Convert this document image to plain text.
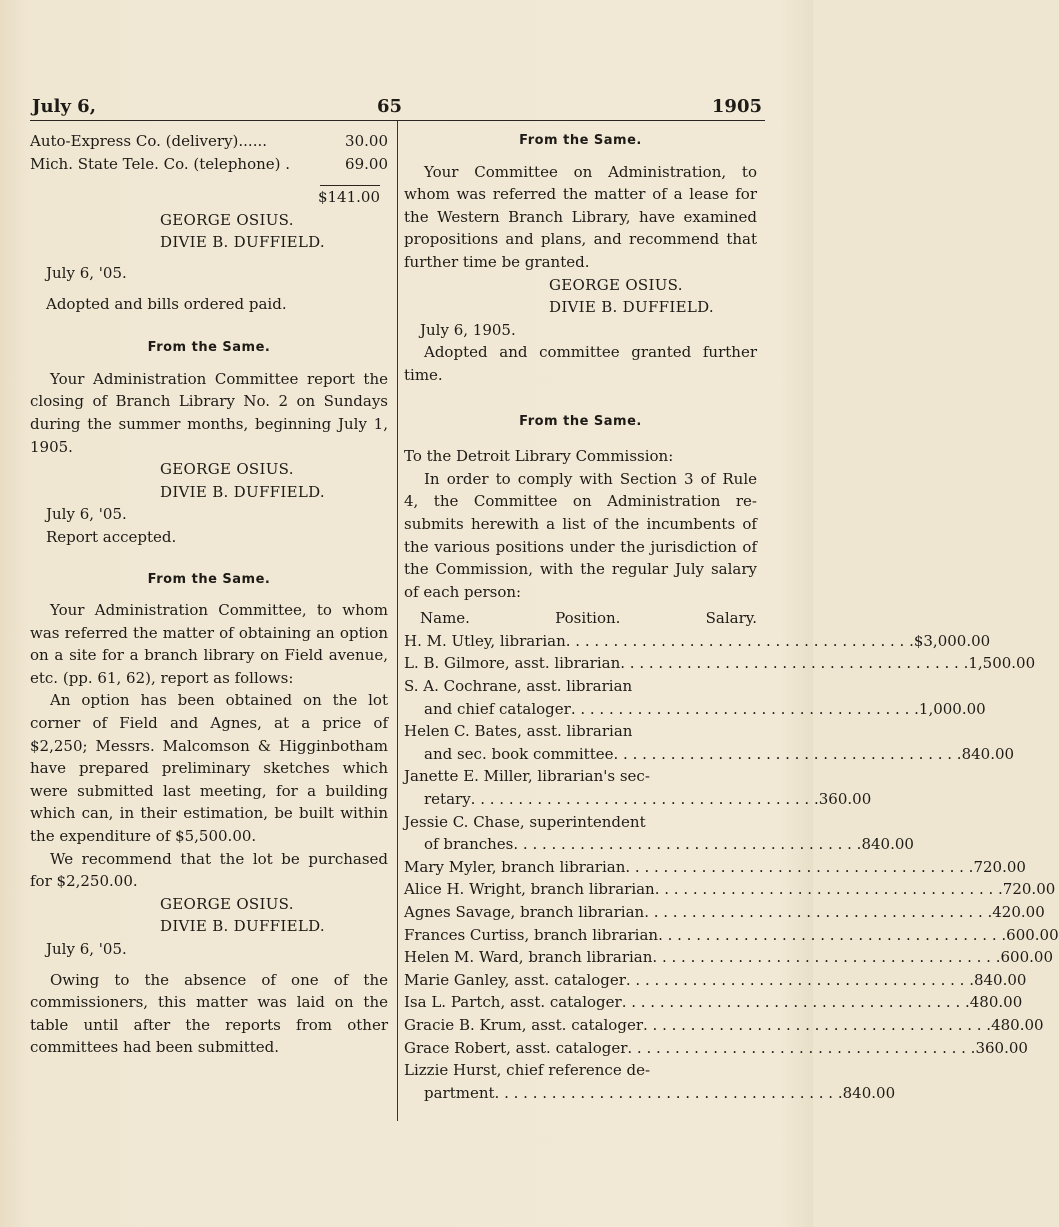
July 6,	65	1905
Auto-Express Co. (delivery)......	30.00
Mich. State Tele. Co. (telephone) .	69.00

$141.00

GEORGE OSIUS.

DIVIE B. DUFFIELD.

July 6, '05.

Adopted and bills ordered paid.

From the Same.

Your Administration Committee report the closing of Branch Library No. 2 on Sundays during the summer months, beginning July 1, 1905.

GEORGE OSIUS.

DIVIE B. DUFFIELD.

July 6, '05.

Report accepted.

From the Same.

Your Administration Committee, to whom was referred the matter of obtaining an option on a site for a branch library on Field avenue, etc. (pp. 61, 62), report as follows:

An option has been obtained on the lot corner of Field and Agnes, at a price of $2,250; Messrs. Malcomson & Higginbotham have prepared preliminary sketches which were submitted last meeting, for a building which can, in their estimation, be built within the expenditure of $5,500.00.

We recommend that the lot be purchased for $2,250.00.

GEORGE OSIUS.

DIVIE B. DUFFIELD.

July 6, '05.

Owing to the absence of one of the commissioners, this matter was laid on the table until after the reports from other committees had been submitted.

From the Same.

Your Committee on Administration, to whom was referred the matter of a lease for the Western Branch Library, have examined propositions and plans, and recommend that further time be granted.

GEORGE OSIUS.

DIVIE B. DUFFIELD.

July 6, 1905.

Adopted and committee granted further time.

From the Same.

To the Detroit Library Commission:

In order to comply with Section 3 of Rule 4, the Committee on Administration re-submits herewith a list of the incumbents of the various positions under the jurisdiction of the Commission, with the regular July salary of each person:

Name.	Position.	Salary.
H. M. Utley, librarian . . . . . . . . . . . . . . . . . . . . . . . . . . . . . . . . . . . . . $3,000.00
L. B. Gilmore, asst. librarian . . . . . . . . . . . . . . . . . . . . . . . . . . . . . . . . . . . . . 1,500.00

S. A. Cochrane, asst. librarian

and chief cataloger . . . . . . . . . . . . . . . . . . . . . . . . . . . . . . . . . . . . . 1,000.00

Helen C. Bates, asst. librarian

and sec. book committee . . . . . . . . . . . . . . . . . . . . . . . . . . . . . . . . . . . . . 840.00

Janette E. Miller, librarian's sec-

retary . . . . . . . . . . . . . . . . . . . . . . . . . . . . . . . . . . . . . 360.00

Jessie C. Chase, superintendent

of branches . . . . . . . . . . . . . . . . . . . . . . . . . . . . . . . . . . . . . 840.00
Mary Myler, branch librarian . . . . . . . . . . . . . . . . . . . . . . . . . . . . . . . . . . . . . 720.00
Alice H. Wright, branch librarian . . . . . . . . . . . . . . . . . . . . . . . . . . . . . . . . . . . . . 720.00
Agnes Savage, branch librarian . . . . . . . . . . . . . . . . . . . . . . . . . . . . . . . . . . . . . 420.00
Frances Curtiss, branch librarian . . . . . . . . . . . . . . . . . . . . . . . . . . . . . . . . . . . . . 600.00
Helen M. Ward, branch librarian . . . . . . . . . . . . . . . . . . . . . . . . . . . . . . . . . . . . . 600.00
Marie Ganley, asst. cataloger . . . . . . . . . . . . . . . . . . . . . . . . . . . . . . . . . . . . . 840.00
Isa L. Partch, asst. cataloger . . . . . . . . . . . . . . . . . . . . . . . . . . . . . . . . . . . . . 480.00
Gracie B. Krum, asst. cataloger . . . . . . . . . . . . . . . . . . . . . . . . . . . . . . . . . . . . . 480.00
Grace Robert, asst. cataloger . . . . . . . . . . . . . . . . . . . . . . . . . . . . . . . . . . . . . 360.00

Lizzie Hurst, chief reference de-

partment . . . . . . . . . . . . . . . . . . . . . . . . . . . . . . . . . . . . . 840.00
